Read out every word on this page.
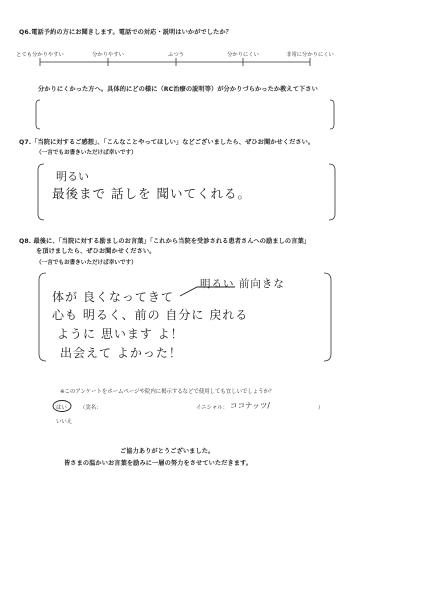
Q6.電話予約の方にお聞きします。電話での対応・説明はいかがでしたか？
とても分かりやすい	分かりやすい	ふつう	分かりにくい	非常に分かりにくい
分かりにくかった方へ。具体的にどの様に（RC治療の説明等）が分かりづらかったか教えて下さい
Q7.「当院に対するご感想」、「こんなことやってほしい」などございましたら、ぜひお聞かせください。
（一言でもお書きいただけば幸いです）
明るい
最後まで 話しを 聞いてくれる。
Q8. 最後に、「当院に対する励ましのお言葉」「これから当院を受診される患者さんへの励ましの言葉」
を頂けましたら、ぜひお聞かせください。
（一言でもお書きいただけば幸いです）
体が 良くなってきて
明るい 前向きな
心も 明るく、前の 自分に 戻れる
ように 思います よ！
出会えて よかった！
※このアンケートをホームページや院内に掲示するなどで使用しても宜しいでしょうか？
はい （実名：	イニシャル： ココナッツ/	）
いいえ
ご協力ありがとうございました。
皆さまの温かいお言葉を励みに一層の努力をさせていただきます。
